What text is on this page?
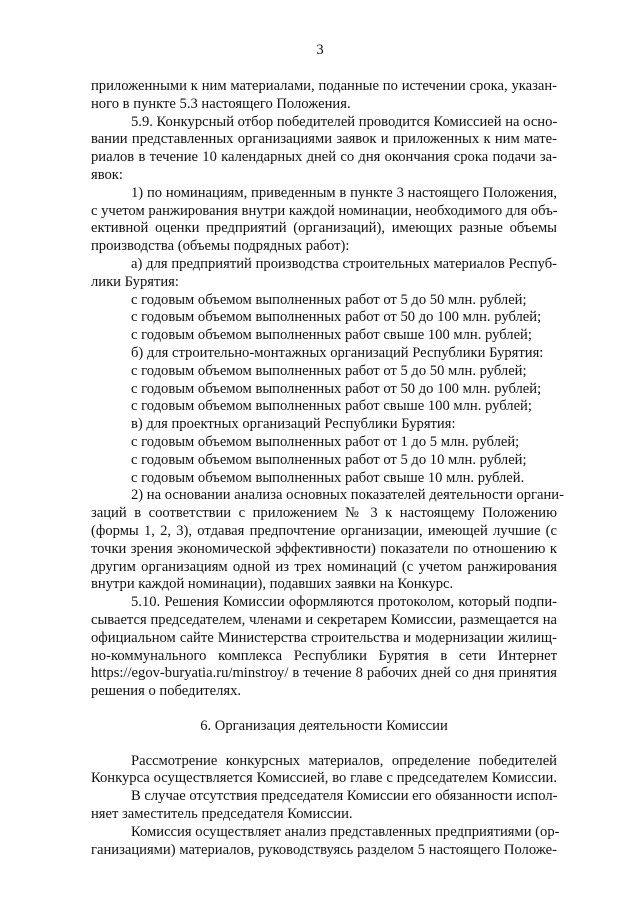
3
приложенными к ним материалами, поданные по истечении срока, указан-
ного в пункте 5.3 настоящего Положения.
5.9. Конкурсный отбор победителей проводится Комиссией на осно-
вании представленных организациями заявок и приложенных к ним мате-
риалов в течение 10 календарных дней со дня окончания срока подачи за-
явок:
1) по номинациям, приведенным в пункте 3 настоящего Положения,
с учетом ранжирования внутри каждой номинации, необходимого для объ-
ективной оценки предприятий (организаций), имеющих разные объемы
производства (объемы подрядных работ):
а) для предприятий производства строительных материалов Респуб-
лики Бурятия:
с годовым объемом выполненных работ от 5 до 50 млн. рублей;
с годовым объемом выполненных работ от 50 до 100 млн. рублей;
с годовым объемом выполненных работ свыше 100 млн. рублей;
б) для строительно-монтажных организаций Республики Бурятия:
с годовым объемом выполненных работ от 5 до 50 млн. рублей;
с годовым объемом выполненных работ от 50 до 100 млн. рублей;
с годовым объемом выполненных работ свыше 100 млн. рублей;
в) для проектных организаций Республики Бурятия:
с годовым объемом выполненных работ от 1 до 5 млн. рублей;
с годовым объемом выполненных работ от 5 до 10 млн. рублей;
с годовым объемом выполненных работ свыше 10 млн. рублей.
2) на основании анализа основных показателей деятельности органи-
заций в соответствии с приложением № 3 к настоящему Положению
(формы 1, 2, 3), отдавая предпочтение организации, имеющей лучшие (с
точки зрения экономической эффективности) показатели по отношению к
другим организациям одной из трех номинаций (с учетом ранжирования
внутри каждой номинации), подавших заявки на Конкурс.
5.10. Решения Комиссии оформляются протоколом, который подпи-
сывается председателем, членами и секретарем Комиссии, размещается на
официальном сайте Министерства строительства и модернизации жилищ-
но-коммунального комплекса Республики Бурятия в сети Интернет
https://egov-buryatia.ru/minstroy/ в течение 8 рабочих дней со дня принятия
решения о победителях.
6. Организация деятельности Комиссии
Рассмотрение конкурсных материалов, определение победителей
Конкурса осуществляется Комиссией, во главе с председателем Комиссии.
В случае отсутствия председателя Комиссии его обязанности испол-
няет заместитель председателя Комиссии.
Комиссия осуществляет анализ представленных предприятиями (ор-
ганизациями) материалов, руководствуясь разделом 5 настоящего Положе-
